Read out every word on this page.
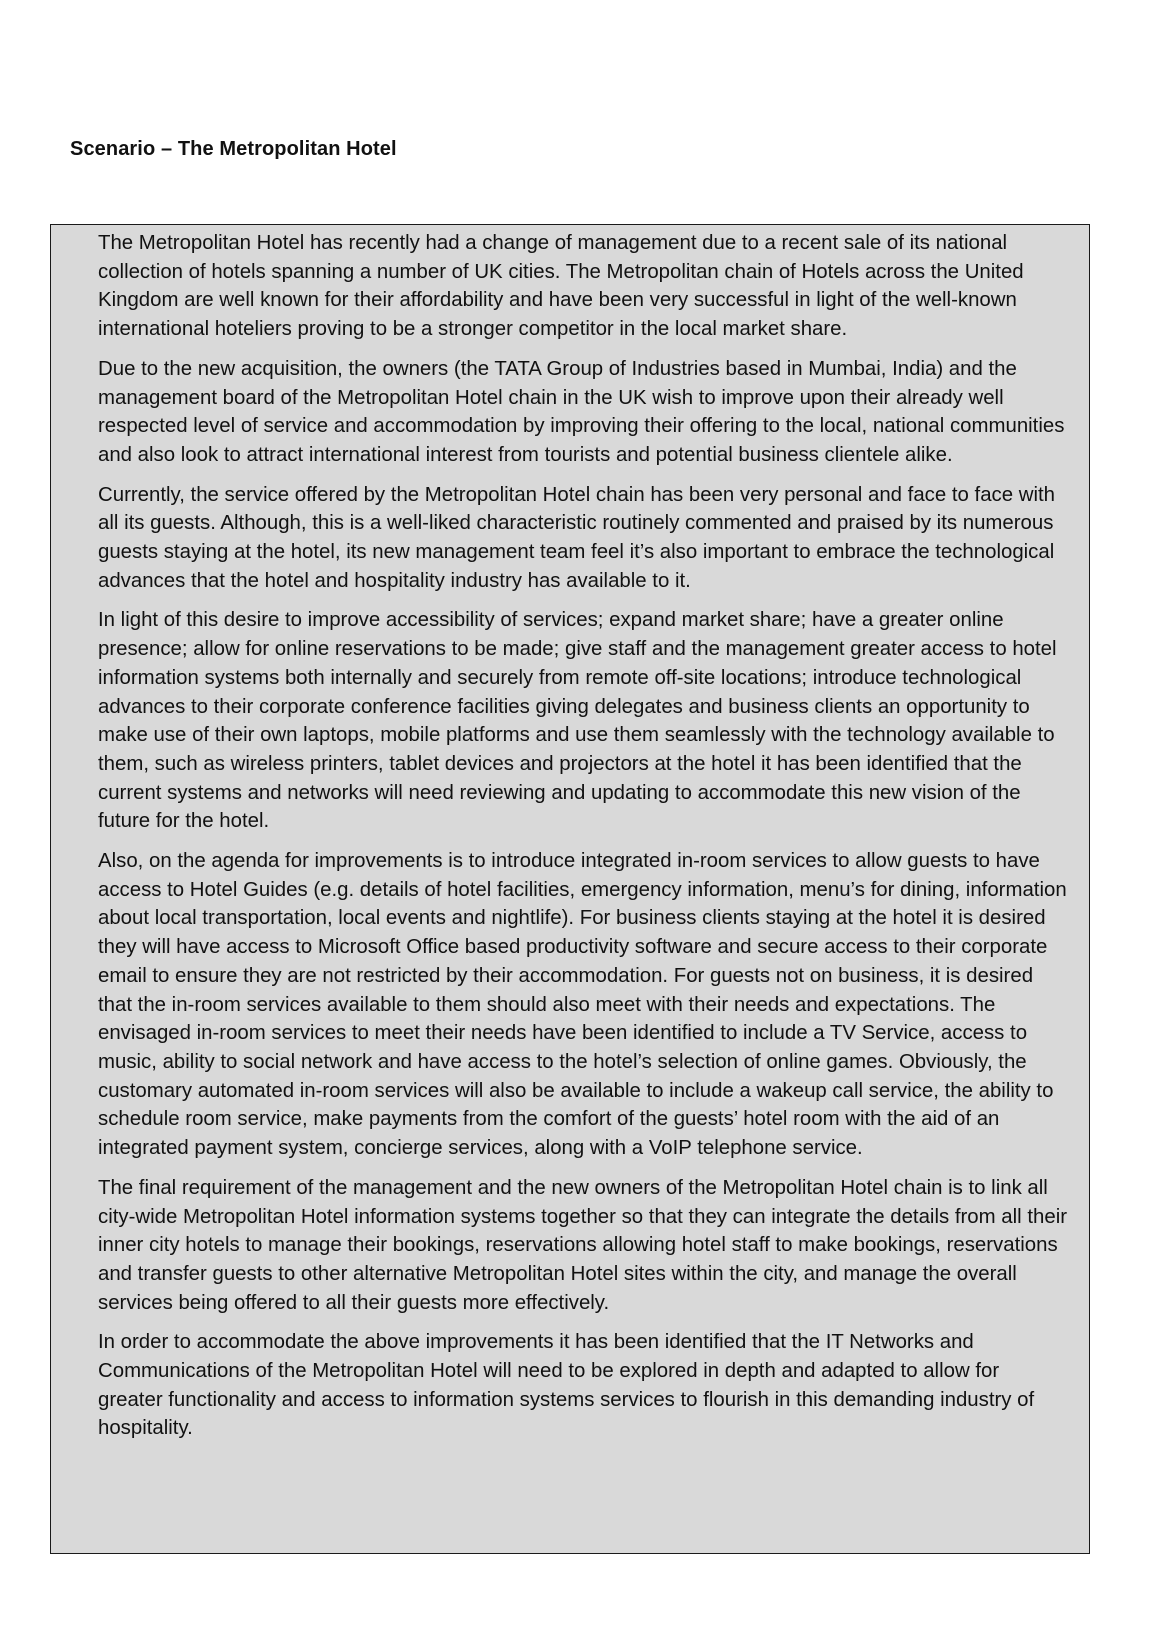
Scenario – The Metropolitan Hotel

The Metropolitan Hotel has recently had a change of management due to a recent sale of its national collection of hotels spanning a number of UK cities. The Metropolitan chain of Hotels across the United Kingdom are well known for their affordability and have been very successful in light of the well-known international hoteliers proving to be a stronger competitor in the local market share.

Due to the new acquisition, the owners (the TATA Group of Industries based in Mumbai, India) and the management board of the Metropolitan Hotel chain in the UK wish to improve upon their already well respected level of service and accommodation by improving their offering to the local, national communities and also look to attract international interest from tourists and potential business clientele alike.

Currently, the service offered by the Metropolitan Hotel chain has been very personal and face to face with all its guests. Although, this is a well-liked characteristic routinely commented and praised by its numerous guests staying at the hotel, its new management team feel it’s also important to embrace the technological advances that the hotel and hospitality industry has available to it.

In light of this desire to improve accessibility of services; expand market share; have a greater online presence; allow for online reservations to be made; give staff and the management greater access to hotel information systems both internally and securely from remote off-site locations; introduce technological advances to their corporate conference facilities giving delegates and business clients an opportunity to make use of their own laptops, mobile platforms and use them seamlessly with the technology available to them, such as wireless printers, tablet devices and projectors at the hotel it has been identified that the current systems and networks will need reviewing and updating to accommodate this new vision of the future for the hotel.

Also, on the agenda for improvements is to introduce integrated in-room services to allow guests to have access to Hotel Guides (e.g. details of hotel facilities, emergency information, menu’s for dining, information about local transportation, local events and nightlife). For business clients staying at the hotel it is desired they will have access to Microsoft Office based productivity software and secure access to their corporate email to ensure they are not restricted by their accommodation. For guests not on business, it is desired that the in-room services available to them should also meet with their needs and expectations. The envisaged in-room services to meet their needs have been identified to include a TV Service, access to music, ability to social network and have access to the hotel’s selection of online games. Obviously, the customary automated in-room services will also be available to include a wakeup call service, the ability to schedule room service, make payments from the comfort of the guests’ hotel room with the aid of an integrated payment system, concierge services, along with a VoIP telephone service.

The final requirement of the management and the new owners of the Metropolitan Hotel chain is to link all city-wide Metropolitan Hotel information systems together so that they can integrate the details from all their inner city hotels to manage their bookings, reservations allowing hotel staff to make bookings, reservations and transfer guests to other alternative Metropolitan Hotel sites within the city, and manage the overall services being offered to all their guests more effectively.

In order to accommodate the above improvements it has been identified that the IT Networks and Communications of the Metropolitan Hotel will need to be explored in depth and adapted to allow for greater functionality and access to information systems services to flourish in this demanding industry of hospitality.
